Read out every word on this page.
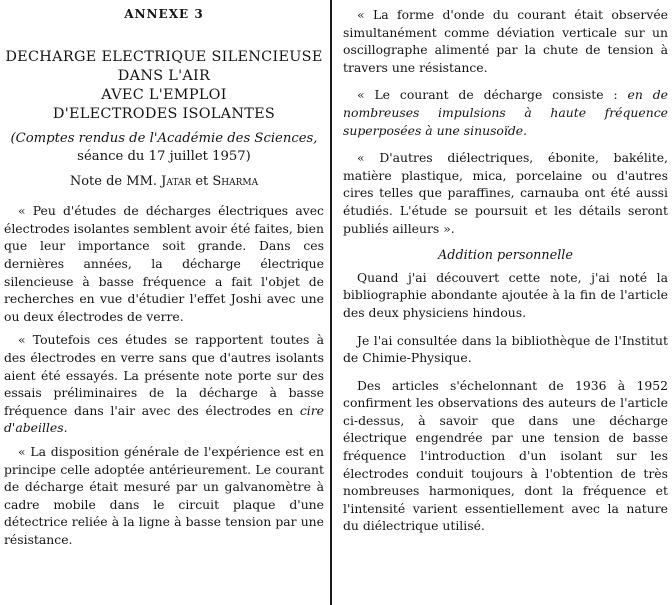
ANNEXE 3
DECHARGE ELECTRIQUE SILENCIEUSE
DANS L'AIR
AVEC L'EMPLOI
D'ELECTRODES ISOLANTES
(Comptes rendus de l'Académie des Sciences,
séance du 17 juillet 1957)
Note de MM. Jatar et Sharma

« Peu d'études de décharges électriques avec électrodes isolantes semblent avoir été faites, bien que leur importance soit grande. Dans ces dernières années, la décharge électrique silencieuse à basse fréquence a fait l'objet de recherches en vue d'étudier l'effet Joshi avec une ou deux électrodes de verre.

« Toutefois ces études se rapportent toutes à des électrodes en verre sans que d'autres isolants aient été essayés. La présente note porte sur des essais préliminaires de la décharge à basse fréquence dans l'air avec des électrodes en cire d'abeilles.

« La disposition générale de l'expérience est en principe celle adoptée antérieurement. Le courant de décharge était mesuré par un galvanomètre à cadre mobile dans le circuit plaque d'une détectrice reliée à la ligne à basse tension par une résistance.

« La forme d'onde du courant était observée simultanément comme déviation verticale sur un oscillographe alimenté par la chute de tension à travers une résistance.

« Le courant de décharge consiste : en de nombreuses impulsions à haute fréquence superposées à une sinusoïde.

« D'autres diélectriques, ébonite, bakélite, matière plastique, mica, porcelaine ou d'autres cires telles que paraffines, carnauba ont été aussi étudiés. L'étude se poursuit et les détails seront publiés ailleurs ».

Addition personnelle

Quand j'ai découvert cette note, j'ai noté la bibliographie abondante ajoutée à la fin de l'article des deux physiciens hindous.

Je l'ai consultée dans la bibliothèque de l'Institut de Chimie-Physique.

Des articles s'échelonnant de 1936 à 1952 confirment les observations des auteurs de l'article ci-dessus, à savoir que dans une décharge électrique engendrée par une tension de basse fréquence l'introduction d'un isolant sur les électrodes conduit toujours à l'obtention de très nombreuses harmoniques, dont la fréquence et l'intensité varient essentiellement avec la nature du diélectrique utilisé.
